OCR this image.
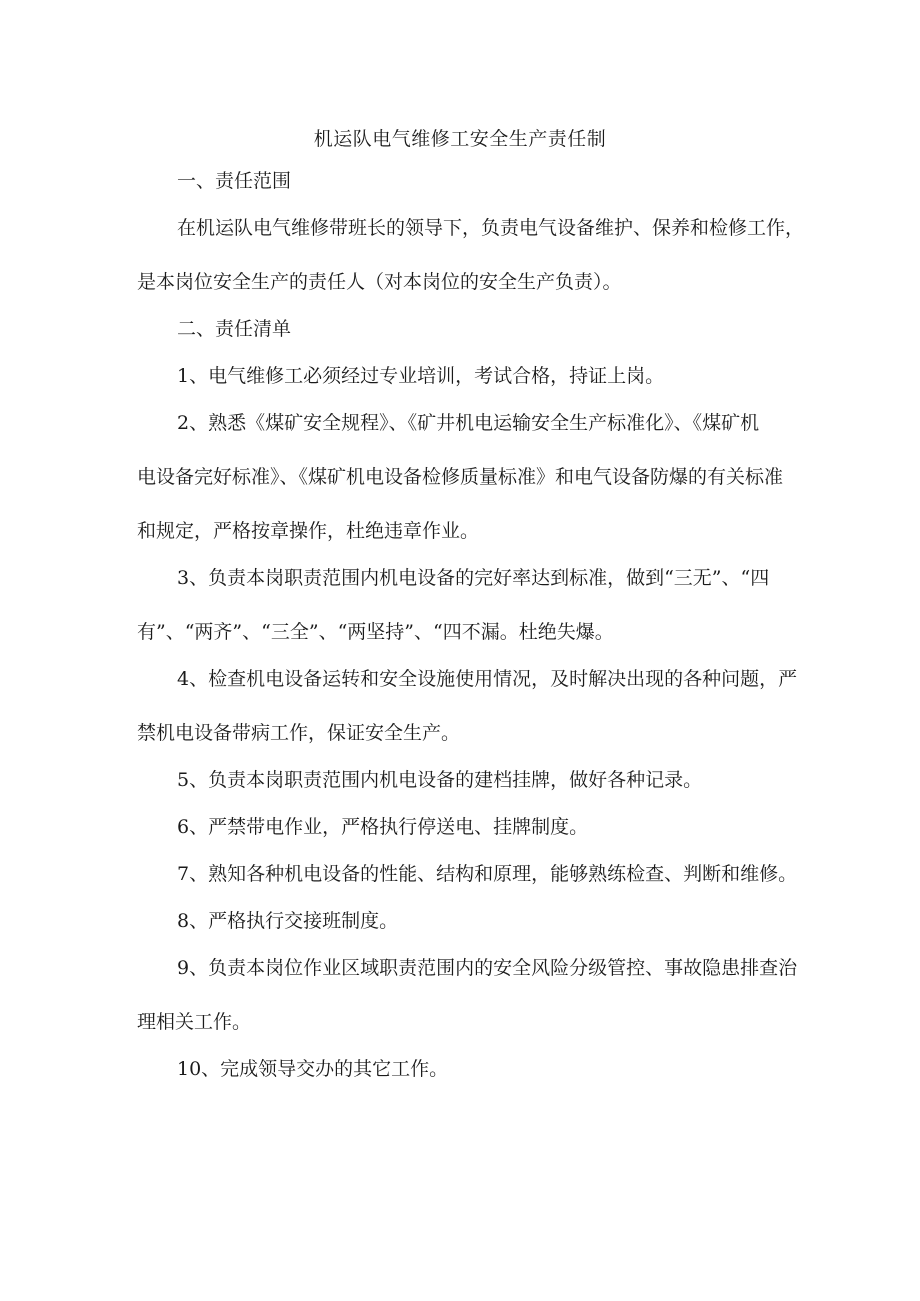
机运队电气维修工安全生产责任制

一、责任范围

在机运队电气维修带班长的领导下，负责电气设备维护、保养和检修工作，
是本岗位安全生产的责任人（对本岗位的安全生产负责）。

二、责任清单

1、电气维修工必须经过专业培训，考试合格，持证上岗。

2、熟悉《煤矿安全规程》、《矿井机电运输安全生产标准化》、《煤矿机
电设备完好标准》、《煤矿机电设备检修质量标准》和电气设备防爆的有关标准
和规定，严格按章操作，杜绝违章作业。

3、负责本岗职责范围内机电设备的完好率达到标准，做到“三无”、“四
有”、“两齐”、“三全”、“两坚持”、“四不漏。杜绝失爆。

4、检查机电设备运转和安全设施使用情况，及时解决出现的各种问题，严
禁机电设备带病工作，保证安全生产。

5、负责本岗职责范围内机电设备的建档挂牌，做好各种记录。

6、严禁带电作业，严格执行停送电、挂牌制度。

7、熟知各种机电设备的性能、结构和原理，能够熟练检查、判断和维修。

8、严格执行交接班制度。

9、负责本岗位作业区域职责范围内的安全风险分级管控、事故隐患排查治
理相关工作。

10、完成领导交办的其它工作。
